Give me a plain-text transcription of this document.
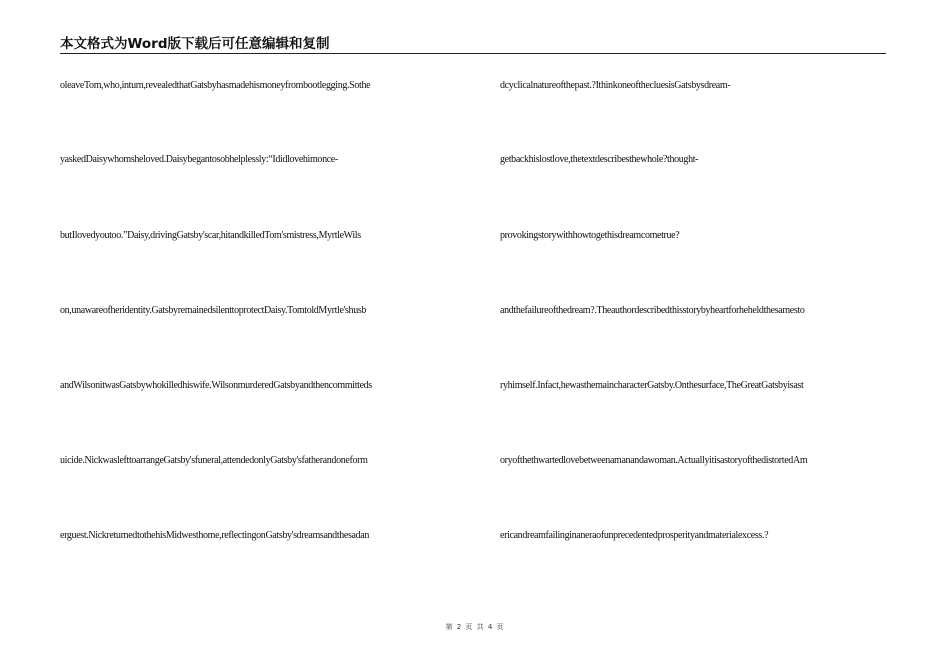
本文格式为Word版下载后可任意编辑和复制
oleaveTom,who,inturn,revealedthatGatsbyhasmadehismoneyfrombootlegging.Sothe
yaskedDaisywhomsheloved.Daisybegantosobhelplessly:“Ididlovehimonce-
butIlovedyoutoo.”Daisy,drivingGatsby'scar,hitandkilledTom'smistress,MyrtleWils
on,unawareofheridentity.GatsbyremainedsilenttoprotectDaisy.TomtoldMyrtle'shusb
andWilsonitwasGatsbywhokilledhiswife.WilsonmurderedGatsbyandthencommitteds
uicide.NickwaslefttoarrangeGatsby'sfuneral,attendedonlyGatsby'sfatherandoneform
erguest.NickreturnedtothehisMidwesthome,reflectingonGatsby'sdreamsandthesadan
dcyclicalnatureofthepast.?IthinkoneofthecluesisGatsbysdream-
getbackhislostlove,thetextdescribesthewhole?thought-
provokingstorywithhowtogethisdreamcometrue?
andthefailureofthedream?.Theauthordescribedthisstorybyheartforheheldthesamesto
ryhimself.Infact,hewasthemaincharacterGatsby.Onthesurface,TheGreatGatsbyisast
oryofthethwartedlovebetweenamanandawoman.ActuallyitisastoryofthedistortedAm
ericandreamfailinginaneraofunprecedentedprosperityandmaterialexcess.?
第 2 页 共 4 页
